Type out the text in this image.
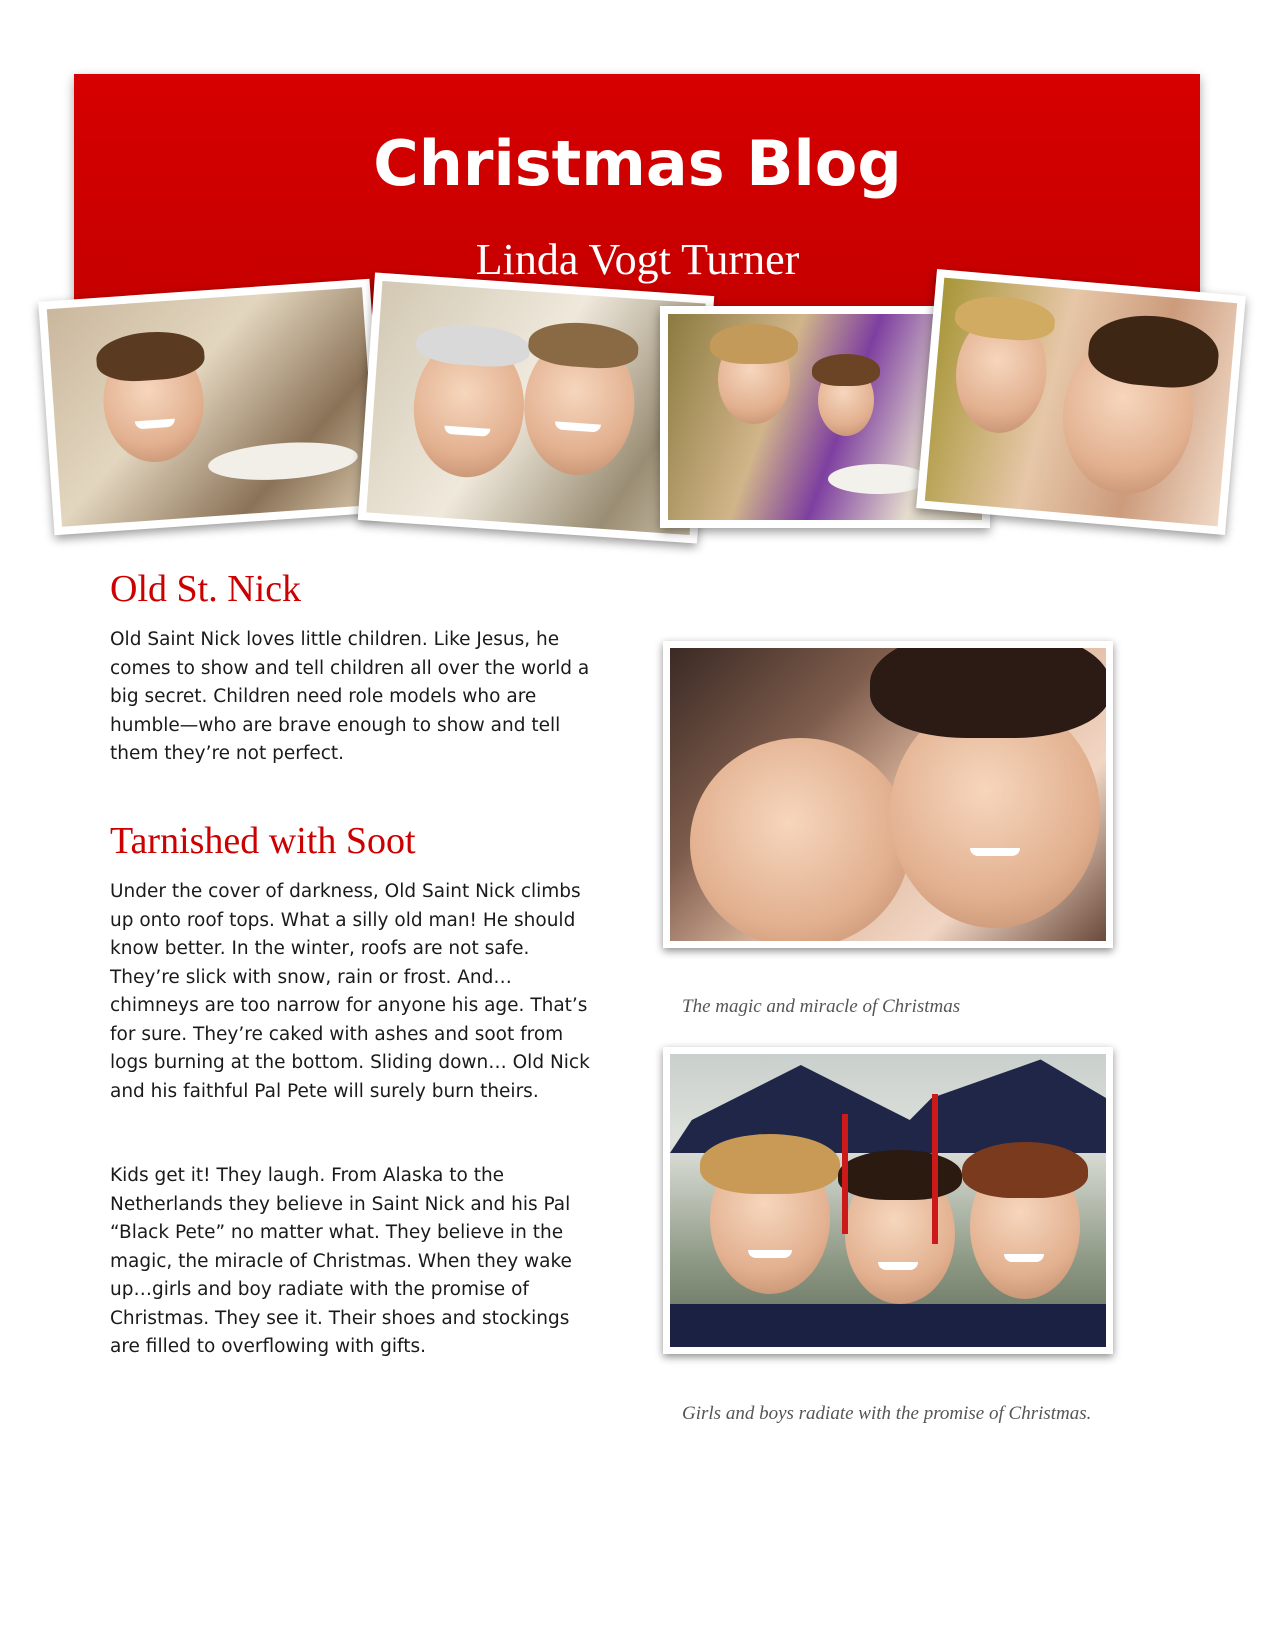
Christmas Blog
Linda Vogt Turner
Old St. Nick

Old Saint Nick loves little children. Like Jesus, he comes to show and tell children all over the world a big secret. Children need role models who are humble—who are brave enough to show and tell them they’re not perfect.

Tarnished with Soot

Under the cover of darkness, Old Saint Nick climbs up onto roof tops. What a silly old man! He should know better. In the winter, roofs are not safe. They’re slick with snow, rain or frost. And…chimneys are too narrow for anyone his age. That’s for sure. They’re caked with ashes and soot from logs burning at the bottom. Sliding down… Old Nick and his faithful Pal Pete will surely burn theirs.

Kids get it! They laugh. From Alaska to the Netherlands they believe in Saint Nick and his Pal “Black Pete” no matter what. They believe in the magic, the miracle of Christmas. When they wake up…girls and boy radiate with the promise of Christmas. They see it. Their shoes and stockings are filled to overflowing with gifts.

The magic and miracle of Christmas

Girls and boys radiate with the promise of Christmas.
